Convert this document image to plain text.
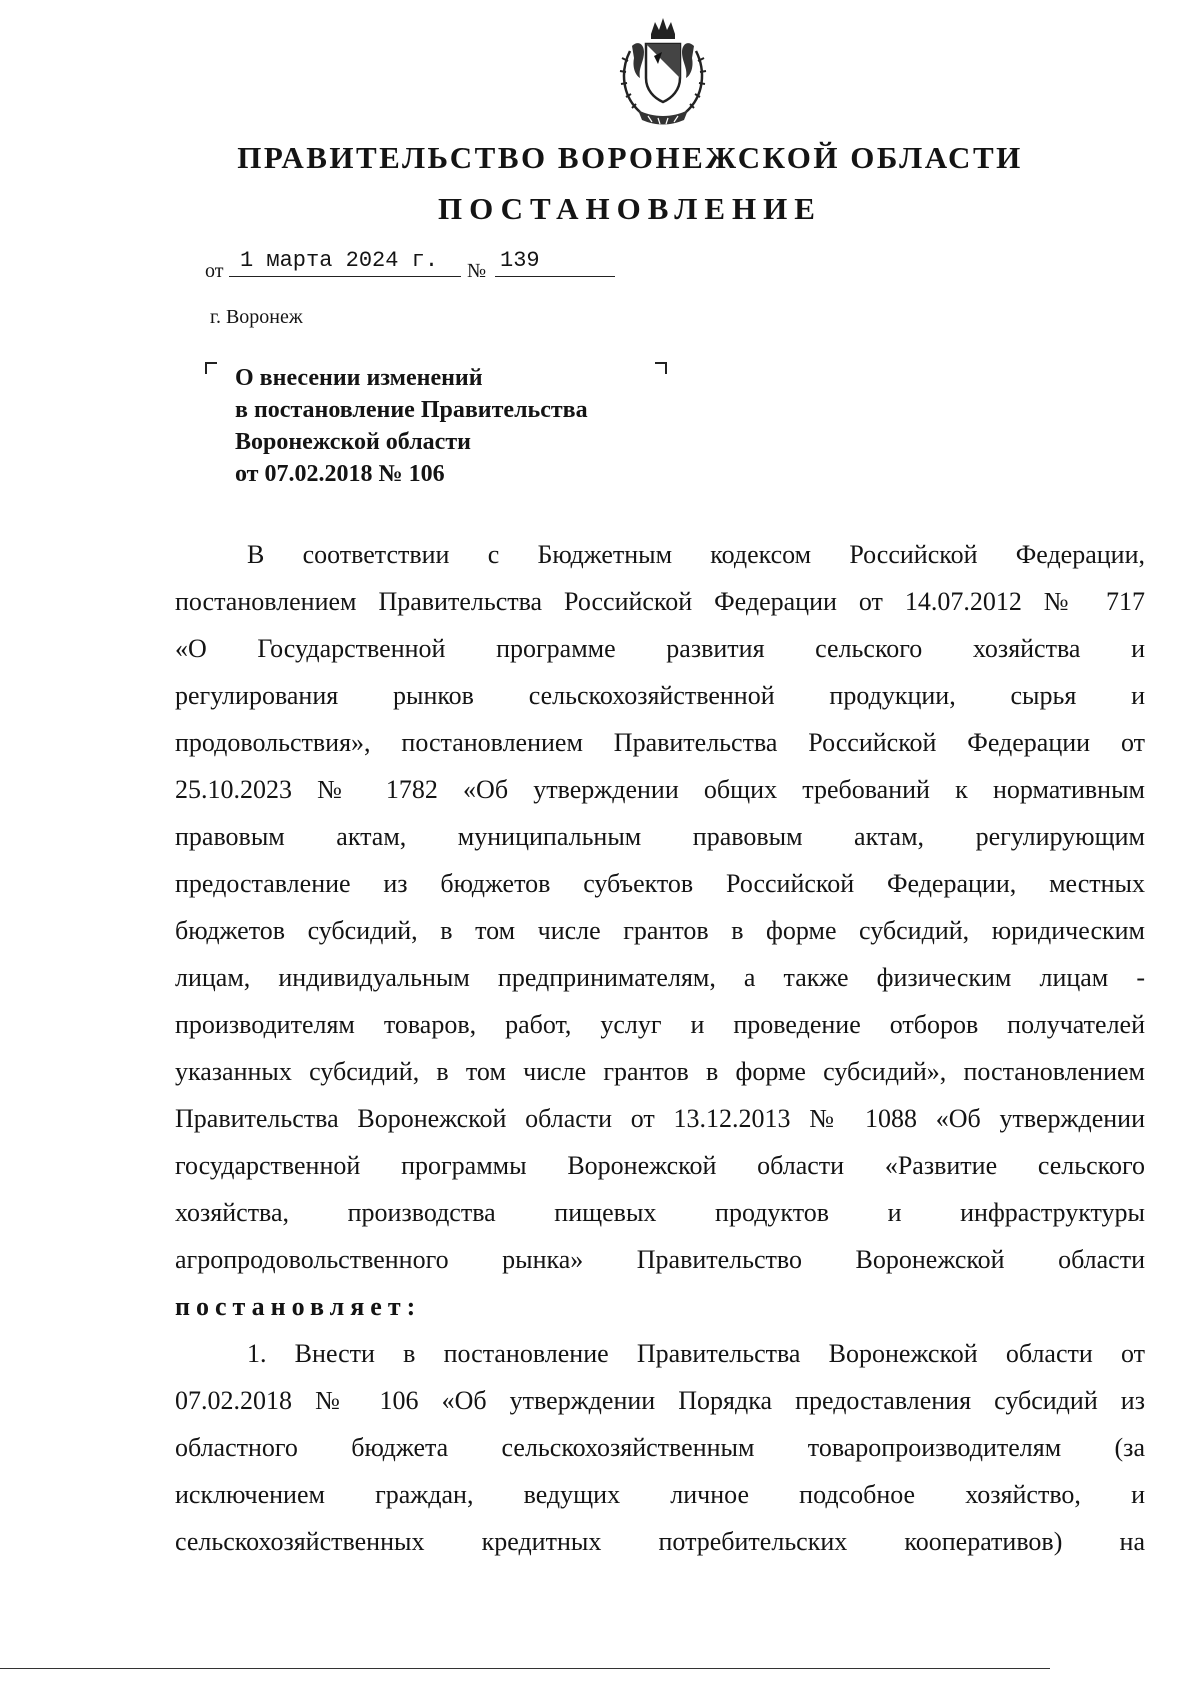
ПРАВИТЕЛЬСТВО ВОРОНЕЖСКОЙ ОБЛАСТИ
ПОСТАНОВЛЕНИЕ
от 1 марта 2024 г. № 139
г. Воронеж
О внесении изменений
в постановление Правительства
Воронежской области
от 07.02.2018 № 106
В соответствии с Бюджетным кодексом Российской Федерации,
постановлением Правительства Российской Федерации от 14.07.2012 № 717
«О Государственной программе развития сельского хозяйства и
регулирования рынков сельскохозяйственной продукции, сырья и
продовольствия», постановлением Правительства Российской Федерации от
25.10.2023 № 1782 «Об утверждении общих требований к нормативным
правовым актам, муниципальным правовым актам, регулирующим
предоставление из бюджетов субъектов Российской Федерации, местных
бюджетов субсидий, в том числе грантов в форме субсидий, юридическим
лицам, индивидуальным предпринимателям, а также физическим лицам -
производителям товаров, работ, услуг и проведение отборов получателей
указанных субсидий, в том числе грантов в форме субсидий», постановлением
Правительства Воронежской области от 13.12.2013 № 1088 «Об утверждении
государственной программы Воронежской области «Развитие сельского
хозяйства, производства пищевых продуктов и инфраструктуры
агропродовольственного рынка» Правительство Воронежской области
постановляет:
1. Внести в постановление Правительства Воронежской области от
07.02.2018 № 106 «Об утверждении Порядка предоставления субсидий из
областного бюджета сельскохозяйственным товаропроизводителям (за
исключением граждан, ведущих личное подсобное хозяйство, и
сельскохозяйственных кредитных потребительских кооперативов) на
